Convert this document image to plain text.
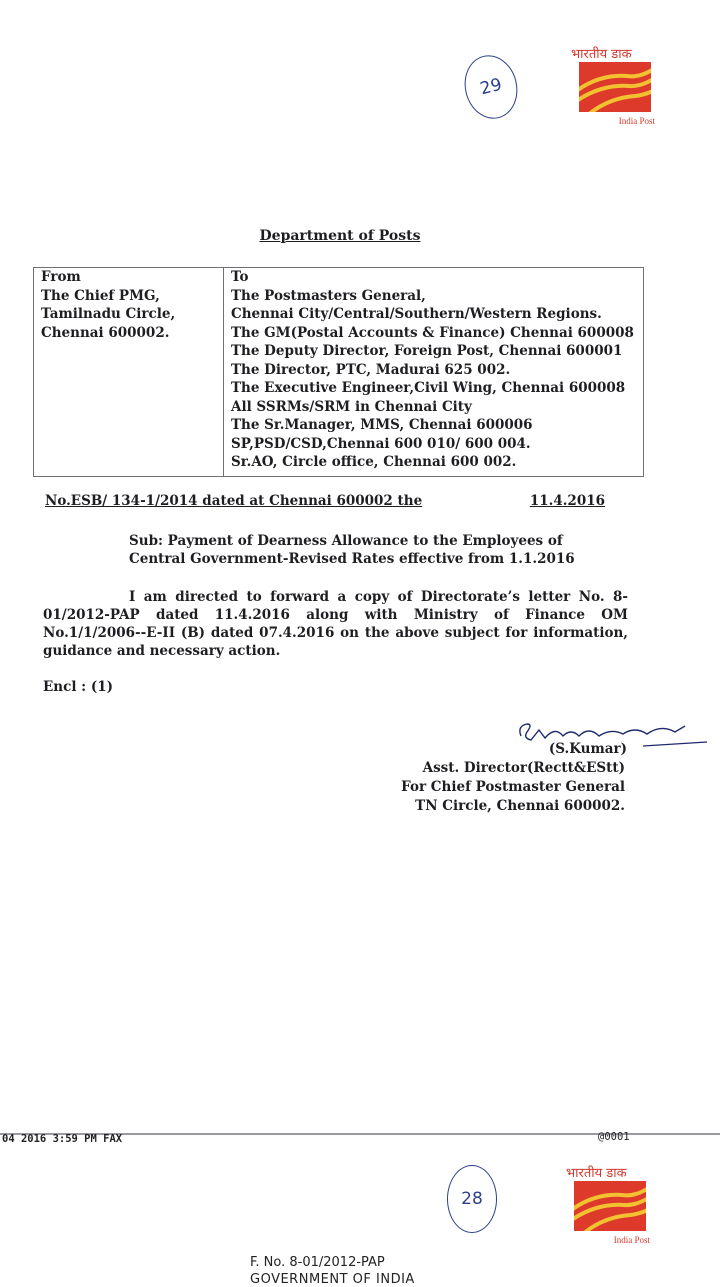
भारतीय डाक
India Post
29
Department of Posts
From
The Chief PMG,
Tamilnadu Circle,
Chennai 600002.

To
The Postmasters General,
Chennai City/Central/Southern/Western Regions.
The GM(Postal Accounts & Finance) Chennai 600008
The Deputy Director, Foreign Post, Chennai 600001
The Director, PTC, Madurai 625 002.
The Executive Engineer,Civil Wing, Chennai 600008
All SSRMs/SRM in Chennai City
The Sr.Manager, MMS, Chennai 600006
SP,PSD/CSD,Chennai 600 010/ 600 004.
Sr.AO, Circle office, Chennai 600 002.
No.ESB/ 134-1/2014 dated at Chennai 600002 the	11.4.2016
Sub: Payment of Dearness Allowance to the Employees of Central Government-Revised Rates effective from 1.1.2016
I am directed to forward a copy of Directorate’s letter No. 8-01/2012-PAP dated 11.4.2016 along with Ministry of Finance OM No.1/1/2006--E-II (B) dated 07.4.2016 on the above subject for information, guidance and necessary action.
Encl : (1)
(S.Kumar)
Asst. Director(Rectt&EStt)
For Chief Postmaster General
TN Circle, Chennai 600002.
04 2016 3:59 PM FAX	@0001
भारतीय डाक
India Post
28
F. No. 8-01/2012-PAP
GOVERNMENT OF INDIA
